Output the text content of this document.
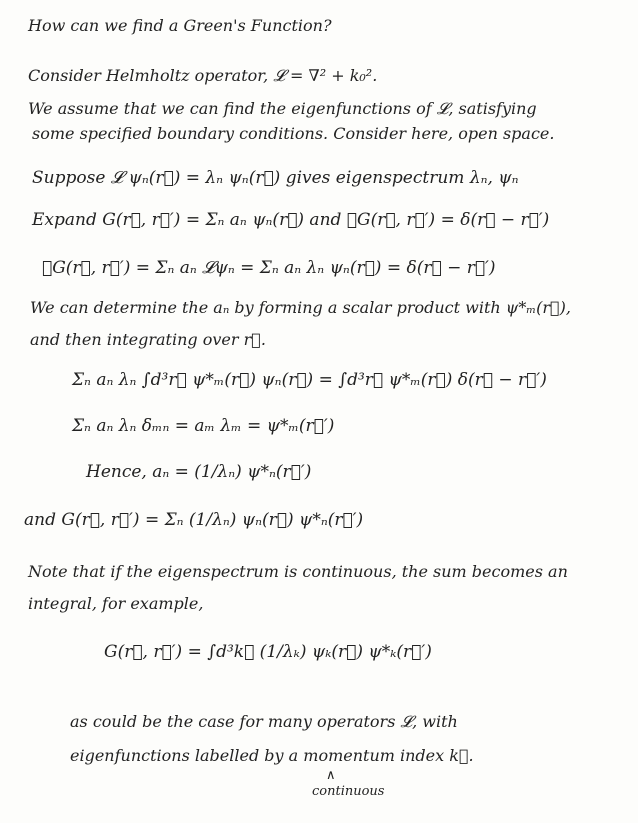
How can we find a Green's Function?
Consider Helmholtz operator, 𝓛 = ∇² + k₀².
We assume that we can find the eigenfunctions of 𝓛, satisfying
some specified boundary conditions. Consider here, open space.
Suppose 𝓛 ψₙ(r⃗) = λₙ ψₙ(r⃗) gives eigenspectrum λₙ, ψₙ
Expand G(r⃗, r⃗′) = Σₙ aₙ ψₙ(r⃗) and 𝓛G(r⃗, r⃗′) = δ(r⃗ − r⃗′)
𝓛G(r⃗, r⃗′) = Σₙ aₙ 𝓛ψₙ = Σₙ aₙ λₙ ψₙ(r⃗) = δ(r⃗ − r⃗′)
We can determine the aₙ by forming a scalar product with ψ*ₘ(r⃗),
and then integrating over r⃗.
Σₙ aₙ λₙ ∫d³r⃗ ψ*ₘ(r⃗) ψₙ(r⃗) = ∫d³r⃗ ψ*ₘ(r⃗) δ(r⃗ − r⃗′)
Σₙ aₙ λₙ δₘₙ = aₘ λₘ = ψ*ₘ(r⃗′)
Hence, aₙ = (1/λₙ) ψ*ₙ(r⃗′)
and G(r⃗, r⃗′) = Σₙ (1/λₙ) ψₙ(r⃗) ψ*ₙ(r⃗′)
Note that if the eigenspectrum is continuous, the sum becomes an
integral, for example,
G(r⃗, r⃗′) = ∫d³k⃗ (1/λₖ) ψₖ(r⃗) ψ*ₖ(r⃗′)
as could be the case for many operators 𝓛, with
eigenfunctions labelled by a momentum index k⃗.
∧
continuous
